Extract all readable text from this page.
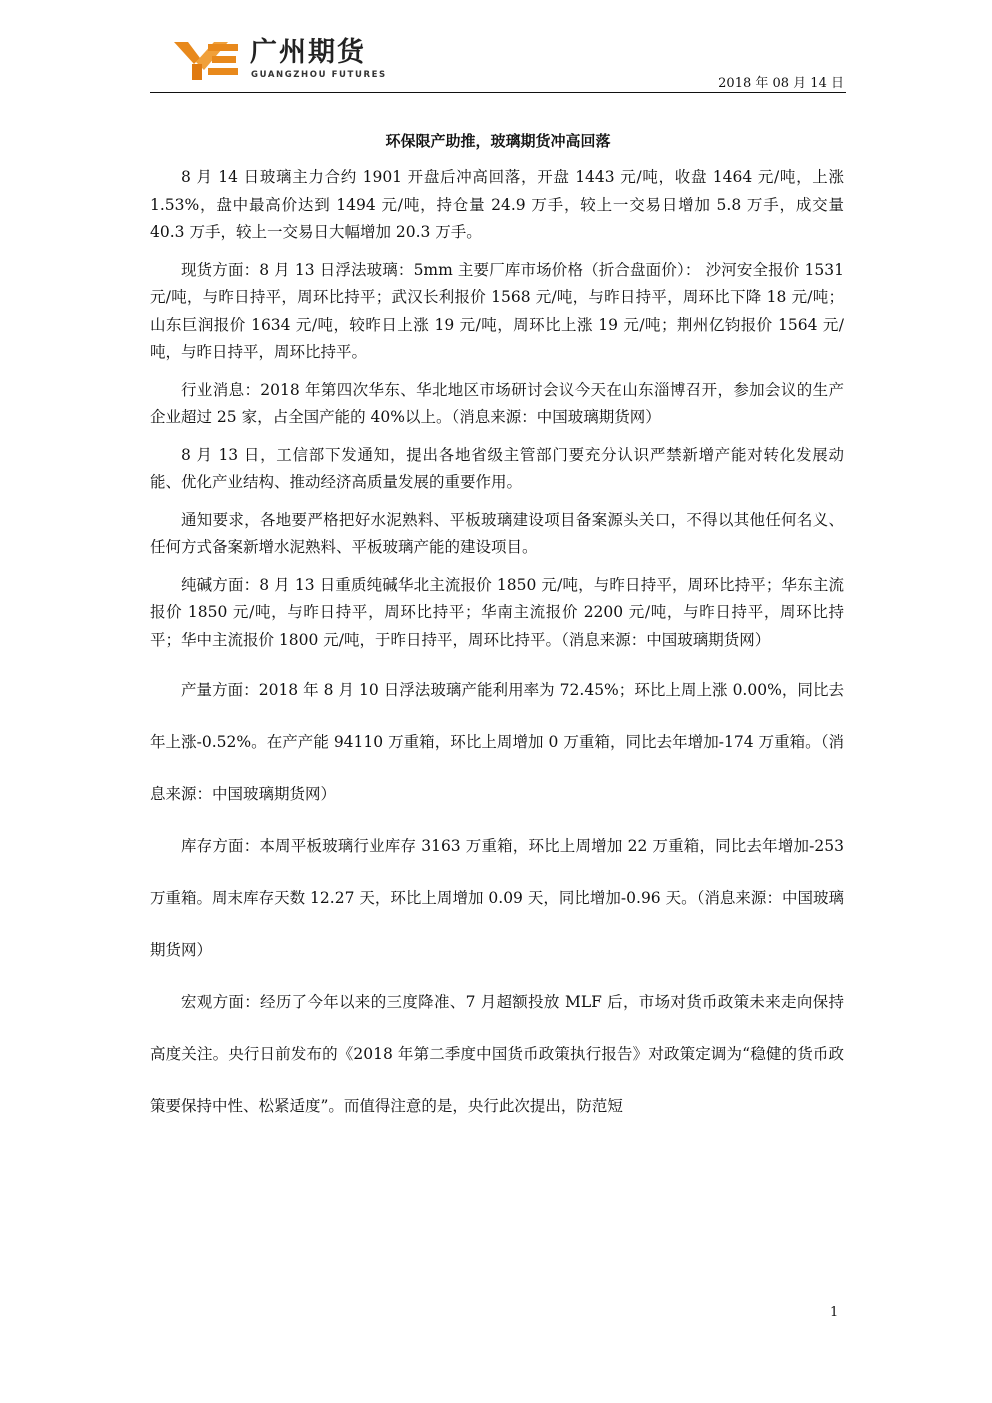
广州期货
GUANGZHOU FUTURES
2018 年 08 月 14 日
环保限产助推，玻璃期货冲高回落

8 月 14 日玻璃主力合约 1901 开盘后冲高回落，开盘 1443 元/吨，收盘 1464 元/吨，上涨 1.53%，盘中最高价达到 1494 元/吨，持仓量 24.9 万手，较上一交易日增加 5.8 万手，成交量 40.3 万手，较上一交易日大幅增加 20.3 万手。

现货方面：8 月 13 日浮法玻璃：5mm 主要厂库市场价格（折合盘面价）： 沙河安全报价 1531 元/吨，与昨日持平，周环比持平；武汉长利报价 1568 元/吨，与昨日持平，周环比下降 18 元/吨；山东巨润报价 1634 元/吨，较昨日上涨 19 元/吨，周环比上涨 19 元/吨；荆州亿钧报价 1564 元/吨，与昨日持平，周环比持平。

行业消息：2018 年第四次华东、华北地区市场研讨会议今天在山东淄博召开，参加会议的生产企业超过 25 家，占全国产能的 40%以上。（消息来源：中国玻璃期货网）

8 月 13 日，工信部下发通知，提出各地省级主管部门要充分认识严禁新增产能对转化发展动能、优化产业结构、推动经济高质量发展的重要作用。

通知要求，各地要严格把好水泥熟料、平板玻璃建设项目备案源头关口，不得以其他任何名义、任何方式备案新增水泥熟料、平板玻璃产能的建设项目。

纯碱方面：8 月 13 日重质纯碱华北主流报价 1850 元/吨，与昨日持平，周环比持平；华东主流报价 1850 元/吨，与昨日持平，周环比持平；华南主流报价 2200 元/吨，与昨日持平，周环比持平；华中主流报价 1800 元/吨，于昨日持平，周环比持平。（消息来源：中国玻璃期货网）

产量方面：2018 年 8 月 10 日浮法玻璃产能利用率为 72.45%；环比上周上涨 0.00%，同比去年上涨-0.52%。在产产能 94110 万重箱，环比上周增加 0 万重箱，同比去年增加-174 万重箱。（消息来源：中国玻璃期货网）

库存方面：本周平板玻璃行业库存 3163 万重箱，环比上周增加 22 万重箱，同比去年增加-253 万重箱。周末库存天数 12.27 天，环比上周增加 0.09 天，同比增加-0.96 天。（消息来源：中国玻璃期货网）

宏观方面：经历了今年以来的三度降准、7 月超额投放 MLF 后，市场对货币政策未来走向保持高度关注。央行日前发布的《2018 年第二季度中国货币政策执行报告》对政策定调为“稳健的货币政策要保持中性、松紧适度”。而值得注意的是，央行此次提出，防范短

1
